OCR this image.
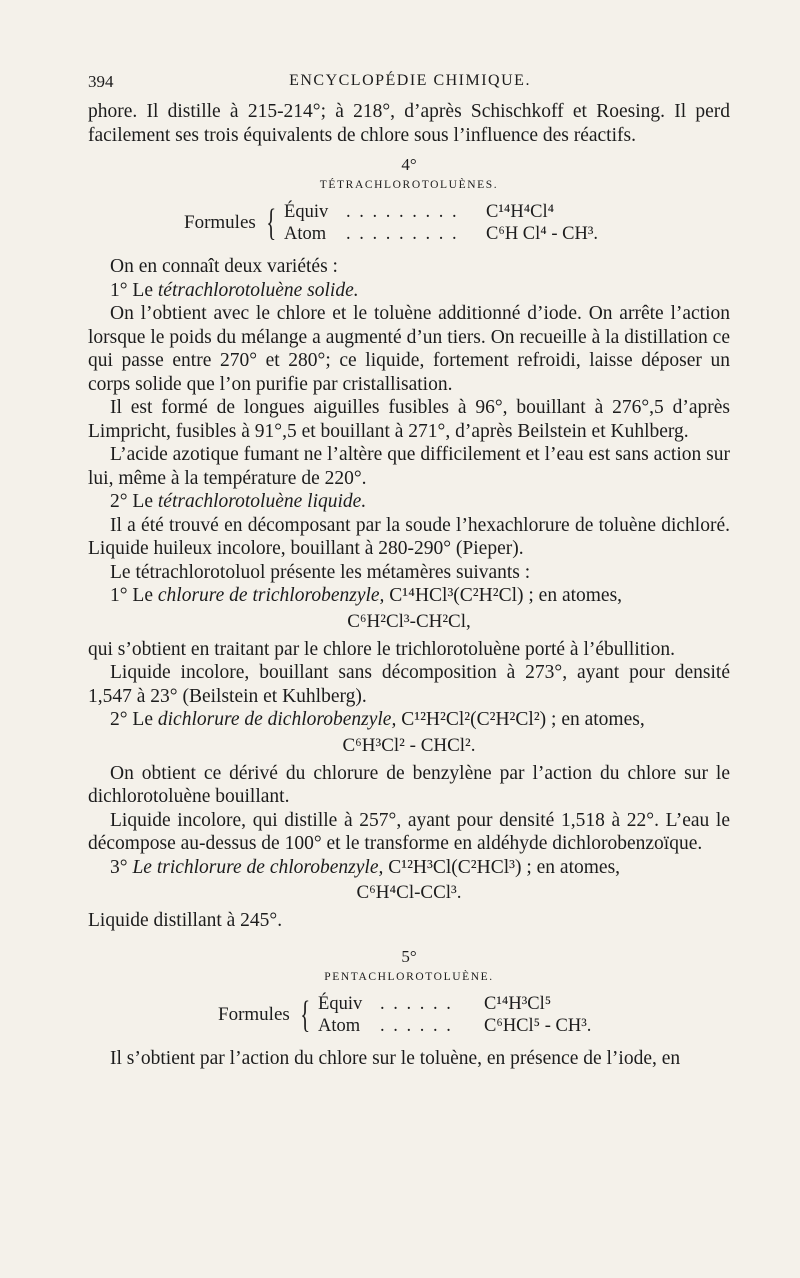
394	ENCYCLOPÉDIE CHIMIQUE.

phore. Il distille à 215-214°; à 218°, d’après Schischkoff et Roesing. Il perd facilement ses trois équivalents de chlore sous l’influence des réactifs.

4°
TÉTRACHLOROTOLUÈNES.
Formules { Équiv . . . . . . . . .	C¹⁴H⁴Cl⁴
Atom	. . . . . . . . .	C⁶H Cl⁴ - CH³.

On en connaît deux variétés :

1° Le tétrachlorotoluène solide.

On l’obtient avec le chlore et le toluène additionné d’iode. On arrête l’action lorsque le poids du mélange a augmenté d’un tiers. On recueille à la distillation ce qui passe entre 270° et 280°; ce liquide, fortement refroidi, laisse déposer un corps solide que l’on purifie par cristallisation.

Il est formé de longues aiguilles fusibles à 96°, bouillant à 276°,5 d’après Limpricht, fusibles à 91°,5 et bouillant à 271°, d’après Beilstein et Kuhlberg.

L’acide azotique fumant ne l’altère que difficilement et l’eau est sans action sur lui, même à la température de 220°.

2° Le tétrachlorotoluène liquide.

Il a été trouvé en décomposant par la soude l’hexachlorure de toluène dichloré. Liquide huileux incolore, bouillant à 280-290° (Pieper).

Le tétrachlorotoluol présente les métamères suivants :

1° Le chlorure de trichlorobenzyle, C¹⁴HCl³(C²H²Cl) ; en atomes,

C⁶H²Cl³-CH²Cl,

qui s’obtient en traitant par le chlore le trichlorotoluène porté à l’ébullition.

Liquide incolore, bouillant sans décomposition à 273°, ayant pour densité 1,547 à 23° (Beilstein et Kuhlberg).

2° Le dichlorure de dichlorobenzyle, C¹²H²Cl²(C²H²Cl²) ; en atomes,

C⁶H³Cl² - CHCl².

On obtient ce dérivé du chlorure de benzylène par l’action du chlore sur le dichlorotoluène bouillant.

Liquide incolore, qui distille à 257°, ayant pour densité 1,518 à 22°. L’eau le décompose au-dessus de 100° et le transforme en aldéhyde dichlorobenzoïque.

3° Le trichlorure de chlorobenzyle, C¹²H³Cl(C²HCl³) ; en atomes,

C⁶H⁴Cl-CCl³.

Liquide distillant à 245°.

5°
PENTACHLOROTOLUÈNE.
Formules { Équiv . . . . . .	C¹⁴H³Cl⁵
Atom	. . . . . .	C⁶HCl⁵ - CH³.

Il s’obtient par l’action du chlore sur le toluène, en présence de l’iode, en
